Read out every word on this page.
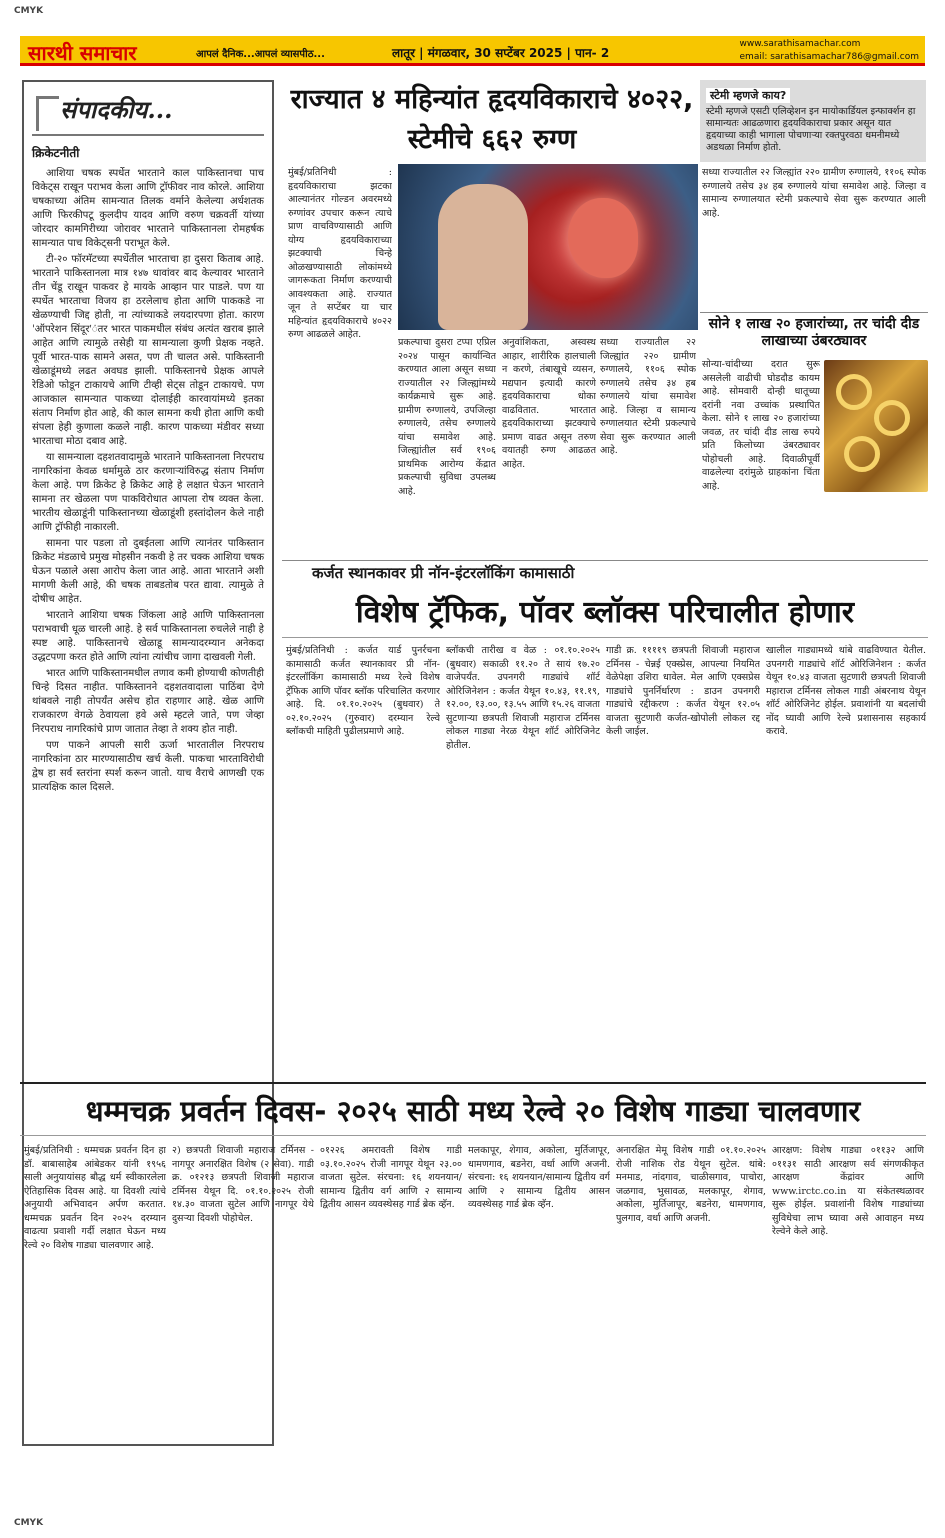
CMYK
CMYK
सारथी समाचार	आपलं दैनिक...आपलं व्यासपीठ...	लातूर | मंगळवार, 30 सप्टेंबर 2025 | पान- 2
www.sarathisamachar.com
email: sarathisamachar786@gmail.com
संपादकीय...
क्रिकेटनीती

आशिया चषक स्पर्धेत भारताने काल पाकिस्तानचा पाच विकेट्स राखून पराभव केला आणि ट्रॉफीवर नाव कोरले. आशिया चषकाच्या अंतिम सामन्यात तिलक वर्माने केलेल्या अर्धशतक आणि फिरकीपटू कुलदीप यादव आणि वरुण चक्रवर्ती यांच्या जोरदार कामगिरीच्या जोरावर भारताने पाकिस्तानला रोमहर्षक सामन्यात पाच विकेट्सनी पराभूत केले.

टी-२० फॉरमॅटच्या स्पर्धेतील भारताचा हा दुसरा किताब आहे. भारताने पाकिस्तानला मात्र १४७ धावांवर बाद केल्यावर भारताने तीन चेंडू राखून पाकवर हे मायके आव्हान पार पाडले. पण या स्पर्धेत भारताचा विजय हा ठरलेलाच होता आणि पाककडे ना खेळण्याची जिद्द होती, ना त्यांच्याकडे लयदारपणा होता. कारण 'ऑपरेशन सिंदूर'ंतर भारत पाकमधील संबंध अत्यंत खराब झाले आहेत आणि त्यामुळे तसेही या सामन्याला कुणी प्रेक्षक नव्हते. पूर्वी भारत-पाक सामने असत, पण ती चालत असे. पाकिस्तानी खेळाडूंमध्ये लढत अवघड झाली. पाकिस्तानचे प्रेक्षक आपले रेडिओ फोडून टाकायचे आणि टीव्ही सेट्स तोडून टाकायचे. पण आजकाल सामन्यात पाकच्या दोलाईही कारवायांमध्ये इतका संताप निर्माण होत आहे, की काल सामना कधी होता आणि कधी संपला हेही कुणाला कळले नाही. कारण पाकच्या मंडीवर सध्या भारताचा मोठा दबाव आहे.

या सामन्याला दहशतवादामुळे भारताने पाकिस्तानला निरपराध नागरिकांना केवळ धर्मामुळे ठार करणाऱ्यांविरुद्ध संताप निर्माण केला आहे. पण क्रिकेट हे क्रिकेट आहे हे लक्षात घेऊन भारताने सामना तर खेळला पण पाकविरोधात आपला रोष व्यक्त केला. भारतीय खेळाडूंनी पाकिस्तानच्या खेळाडूंशी हस्तांदोलन केले नाही आणि ट्रॉफीही नाकारली.

सामना पार पडला तो दुबईतला आणि त्यानंतर पाकिस्तान क्रिकेट मंडळाचे प्रमुख मोहसीन नकवी हे तर चक्क आशिया चषक घेऊन पळाले असा आरोप केला जात आहे. आता भारताने अशी मागणी केली आहे, की चषक ताबडतोब परत द्यावा. त्यामुळे ते दोषीच आहेत.

भारताने आशिया चषक जिंकला आहे आणि पाकिस्तानला पराभवाची धूळ चारली आहे. हे सर्व पाकिस्तानला रुचलेले नाही हे स्पष्ट आहे. पाकिस्तानचे खेळाडू सामन्यादरम्यान अनेकदा उद्धटपणा करत होते आणि त्यांना त्यांचीच जागा दाखवली गेली.

भारत आणि पाकिस्तानमधील तणाव कमी होण्याची कोणतीही चिन्हे दिसत नाहीत. पाकिस्तानने दहशतवादाला पाठिंबा देणे थांबवले नाही तोपर्यंत असेच होत राहणार आहे. खेळ आणि राजकारण वेगळे ठेवायला हवे असे म्हटले जाते, पण जेव्हा निरपराध नागरिकांचे प्राण जातात तेव्हा ते शक्य होत नाही.

पण पाकने आपली सारी ऊर्जा भारतातील निरपराध नागरिकांना ठार मारण्यासाठीच खर्च केली. पाकचा भारताविरोधी द्वेष हा सर्व स्तरांना स्पर्श करून जातो. याच वैराचे आणखी एक प्रात्यक्षिक काल दिसले.

राज्यात ४ महिन्यांत हृदयविकाराचे ४०२२, स्टेमीचे ६६२ रुग्ण
मुंबई/प्रतिनिधी : हृदयविकाराचा झटका आल्यानंतर गोल्डन अवरमध्ये रुग्णांवर उपचार करून त्याचे प्राण वाचविण्यासाठी आणि योग्य हृदयविकाराच्या झटक्याची चिन्हे ओळखण्यासाठी लोकांमध्ये जागरूकता निर्माण करण्याची आवश्यकता आहे. राज्यात जून ते सप्टेंबर या चार महिन्यांत हृदयविकाराचे ४०२२ रुग्ण आढळले आहेत.
प्रकल्पाचा दुसरा टप्पा एप्रिल २०२४ पासून कार्यान्वित करण्यात आला असून सध्या राज्यातील २२ जिल्ह्यांमध्ये कार्यक्रमाचे सुरू आहे. ग्रामीण रुग्णालये, उपजिल्हा रुग्णालये, तसेच रुग्णालये यांचा समावेश आहे. जिल्ह्यांतील सर्व १९०६ प्राथमिक आरोग्य केंद्रात प्रकल्पाची सुविधा उपलब्ध आहे.
अनुवांशिकता, अस्वस्थ आहार, शारीरिक हालचाली न करणे, तंबाखूचे व्यसन, मद्यपान इत्यादी कारणे हृदयविकाराचा धोका वाढवितात. भारतात हृदयविकाराच्या झटक्याचे प्रमाण वाढत असून तरुण वयातही रुग्ण आढळत आहेत.
सध्या राज्यातील २२ जिल्ह्यांत २२० ग्रामीण रुग्णालये, ११०६ स्पोक रुग्णालये तसेच ३४ हब रुग्णालये यांचा समावेश आहे. जिल्हा व सामान्य रुग्णालयात स्टेमी प्रकल्पाचे सेवा सुरू करण्यात आली आहे.
स्टेमी म्हणजे काय?
स्टेमी म्हणजे एसटी एलिव्हेशन इन मायोकार्डियल इन्फार्क्शन हा सामान्यतः आढळणारा हृदयविकाराचा प्रकार असून यात हृदयाच्या काही भागाला पोचणाऱ्या रक्तपुरवठा धमनीमध्ये अडथळा निर्माण होतो.
सध्या राज्यातील २२ जिल्ह्यांत २२० ग्रामीण रुग्णालये, ११०६ स्पोक रुग्णालये तसेच ३४ हब रुग्णालये यांचा समावेश आहे. जिल्हा व सामान्य रुग्णालयात स्टेमी प्रकल्पाचे सेवा सुरू करण्यात आली आहे.
सोने १ लाख २० हजारांच्या, तर चांदी दीड लाखाच्या उंबरठ्यावर
सोन्या-चांदीच्या दरात सुरू असलेली वाढीची घोडदौड कायम आहे. सोमवारी दोन्ही धातूच्या दरांनी नवा उच्चांक प्रस्थापित केला. सोने १ लाख २० हजारांच्या जवळ, तर चांदी दीड लाख रुपये प्रति किलोच्या उंबरठ्यावर पोहोचली आहे. दिवाळीपूर्वी वाढलेल्या दरांमुळे ग्राहकांना चिंता आहे.
कर्जत स्थानकावर प्री नॉन-इंटरलॉकिंग कामासाठी
विशेष ट्रॅफिक, पॉवर ब्लॉक्स परिचालीत होणार
मुंबई/प्रतिनिधी : कर्जत यार्ड पुनर्रचना कामासाठी कर्जत स्थानकावर प्री नॉन-इंटरलॉकिंग कामासाठी मध्य रेल्वे विशेष ट्रॅफिक आणि पॉवर ब्लॉक परिचालित करणार आहे. दि. ०१.१०.२०२५ (बुधवार) ते ०२.१०.२०२५ (गुरुवार) दरम्यान रेल्वे ब्लॉकची माहिती पुढीलप्रमाणे आहे.
ब्लॉकची तारीख व वेळ : ०१.१०.२०२५ (बुधवार) सकाळी ११.२० ते सायं १७.२० वाजेपर्यंत. उपनगरी गाड्यांचे शॉर्ट ओरिजिनेशन : कर्जत येथून १०.४३, ११.१९, १२.००, १३.००, १३.५५ आणि १५.२६ वाजता सुटणाऱ्या छत्रपती शिवाजी महाराज टर्मिनस लोकल गाड्या नेरळ येथून शॉर्ट ओरिजिनेट होतील.
गाडी क्र. ११११९ छत्रपती शिवाजी महाराज टर्मिनस - चेन्नई एक्स्प्रेस, आपल्या नियमित वेळेपेक्षा उशिरा धावेल. मेल आणि एक्सप्रेस गाड्यांचे पुनर्निर्धारण : डाउन उपनगरी गाड्यांचे रद्दीकरण : कर्जत येथून १२.०५ वाजता सुटणारी कर्जत-खोपोली लोकल रद्द केली जाईल.
खालील गाड्यामध्ये थांबे वाढविण्यात येतील. उपनगरी गाड्यांचे शॉर्ट ओरिजिनेशन : कर्जत येथून १०.४३ वाजता सुटणारी छत्रपती शिवाजी महाराज टर्मिनस लोकल गाडी अंबरनाथ येथून शॉर्ट ओरिजिनेट होईल. प्रवाशांनी या बदलांची नोंद घ्यावी आणि रेल्वे प्रशासनास सहकार्य करावे.
धम्मचक्र प्रवर्तन दिवस- २०२५ साठी मध्य रेल्वे २० विशेष गाड्या चालवणार
मुंबई/प्रतिनिधी : धम्मचक्र प्रवर्तन दिन हा डॉ. बाबासाहेब आंबेडकर यांनी १९५६ साली अनुयायांसह बौद्ध धर्म स्वीकारलेला ऐतिहासिक दिवस आहे. या दिवशी त्यांचे अनुयायी अभिवादन अर्पण करतात. धम्मचक्र प्रवर्तन दिन २०२५ दरम्यान वाढत्या प्रवाशी गर्दी लक्षात घेऊन मध्य रेल्वे २० विशेष गाड्या चालवणार आहे.
२) छत्रपती शिवाजी महाराज टर्मिनस - नागपूर अनारक्षित विशेष (२ सेवा). गाडी क्र. ०१२१३ छत्रपती शिवाजी महाराज टर्मिनस येथून दि. ०१.१०.२०२५ रोजी १४.३० वाजता सुटेल आणि नागपूर येथे दुसऱ्या दिवशी पोहोचेल.
०१२२६ अमरावती विशेष गाडी ०३.१०.२०२५ रोजी नागपूर येथून २३.०० वाजता सुटेल. संरचना: १६ शयनयान/सामान्य द्वितीय वर्ग आणि २ सामान्य द्वितीय आसन व्यवस्थेसह गार्ड ब्रेक व्हॅन.
मलकापूर, शेगाव, अकोला, मुर्तिजापूर, धामणगाव, बडनेरा, वर्धा आणि अजनी. संरचना: १६ शयनयान/सामान्य द्वितीय वर्ग आणि २ सामान्य द्वितीय आसन व्यवस्थेसह गार्ड ब्रेक व्हॅन.
अनारक्षित मेमू विशेष गाडी ०१.१०.२०२५ रोजी नाशिक रोड येथून सुटेल. थांबे: मनमाड, नांदगाव, चाळीसगाव, पाचोरा, जळगाव, भुसावळ, मलकापूर, शेगाव, अकोला, मुर्तिजापूर, बडनेरा, धामणगाव, पुलगाव, वर्धा आणि अजनी.
आरक्षण: विशेष गाड्या ०११३२ आणि ०११३१ साठी आरक्षण सर्व संगणकीकृत आरक्षण केंद्रांवर आणि www.irctc.co.in या संकेतस्थळावर सुरू होईल. प्रवाशांनी विशेष गाड्यांच्या सुविधेचा लाभ घ्यावा असे आवाहन मध्य रेल्वेने केले आहे.
